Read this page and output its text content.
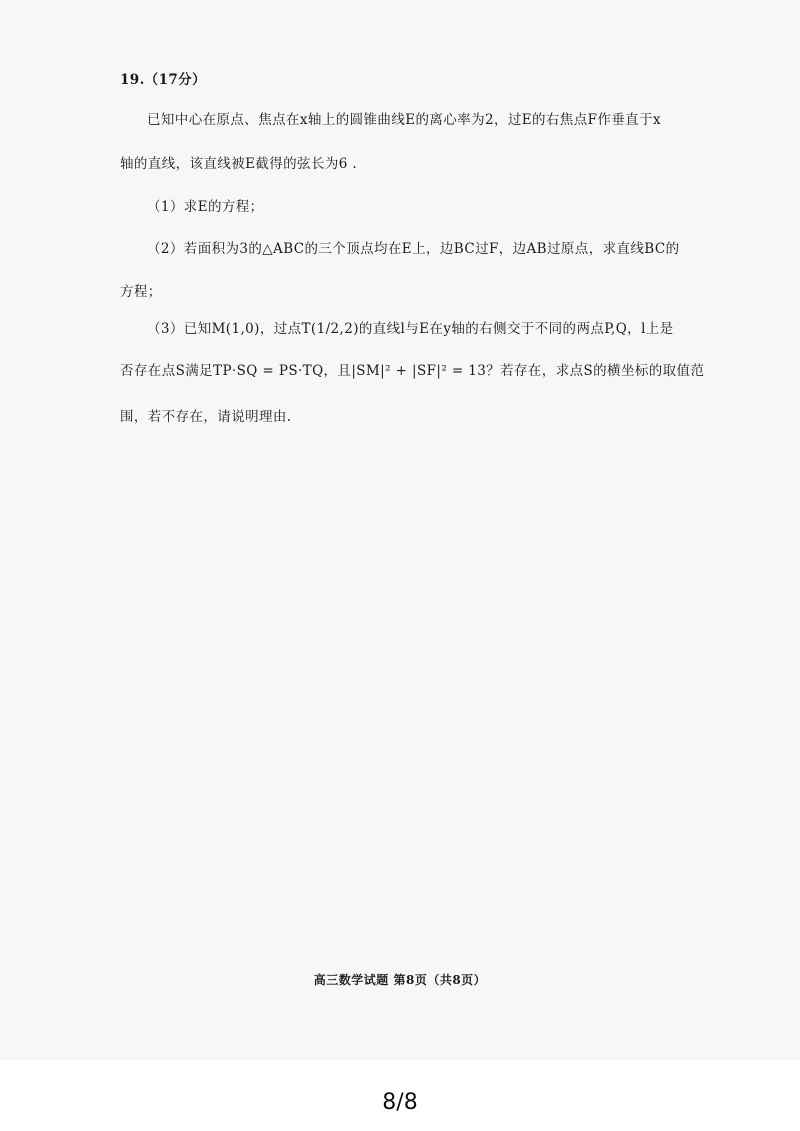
19.（17分）
已知中心在原点、焦点在x轴上的圆锥曲线E的离心率为2，过E的右焦点F作垂直于x
轴的直线，该直线被E截得的弦长为6 .
（1）求E的方程；
（2）若面积为3的△ABC的三个顶点均在E上，边BC过F，边AB过原点，求直线BC的
方程；
（3）已知M(1,0)，过点T(1/2,2)的直线l与E在y轴的右侧交于不同的两点P,Q，l上是
否存在点S满足TP·SQ = PS·TQ，且|SM|² + |SF|² = 13？若存在，求点S的横坐标的取值范
围，若不存在，请说明理由.
高三数学试题 第8页（共8页）
8/8
